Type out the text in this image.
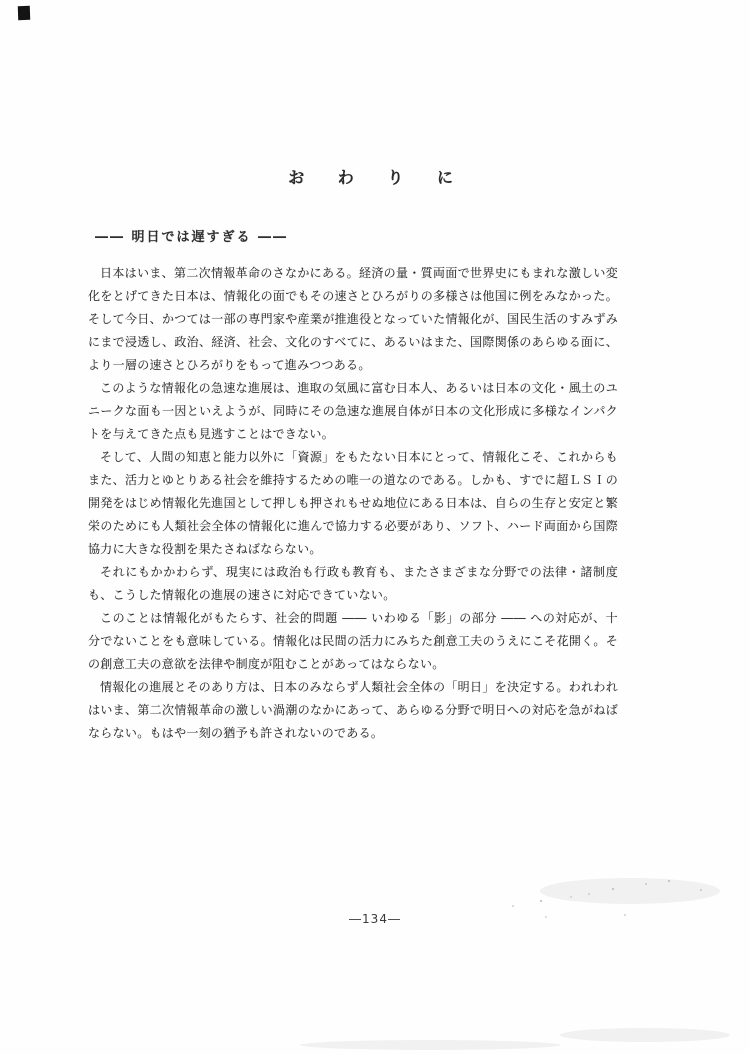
お　わ　り　に
―― 明日では遅すぎる ――

日本はいま、第二次情報革命のさなかにある。経済の量・質両面で世界史にもまれな激しい変化をとげてきた日本は、情報化の面でもその速さとひろがりの多様さは他国に例をみなかった。そして今日、かつては一部の専門家や産業が推進役となっていた情報化が、国民生活のすみずみにまで浸透し、政治、経済、社会、文化のすべてに、あるいはまた、国際関係のあらゆる面に、より一層の速さとひろがりをもって進みつつある。

このような情報化の急速な進展は、進取の気風に富む日本人、あるいは日本の文化・風土のユニークな面も一因といえようが、同時にその急速な進展自体が日本の文化形成に多様なインパクトを与えてきた点も見逃すことはできない。

そして、人間の知恵と能力以外に「資源」をもたない日本にとって、情報化こそ、これからもまた、活力とゆとりある社会を維持するための唯一の道なのである。しかも、すでに超ＬＳＩの開発をはじめ情報化先進国として押しも押されもせぬ地位にある日本は、自らの生存と安定と繁栄のためにも人類社会全体の情報化に進んで協力する必要があり、ソフト、ハード両面から国際協力に大きな役割を果たさねばならない。

それにもかかわらず、現実には政治も行政も教育も、またさまざまな分野での法律・諸制度も、こうした情報化の進展の速さに対応できていない。

このことは情報化がもたらす、社会的問題 ―― いわゆる「影」の部分 ―― への対応が、十分でないことをも意味している。情報化は民間の活力にみちた創意工夫のうえにこそ花開く。その創意工夫の意欲を法律や制度が阻むことがあってはならない。

情報化の進展とそのあり方は、日本のみならず人類社会全体の「明日」を決定する。われわれはいま、第二次情報革命の激しい渦潮のなかにあって、あらゆる分野で明日への対応を急がねばならない。もはや一刻の猶予も許されないのである。

―134―
